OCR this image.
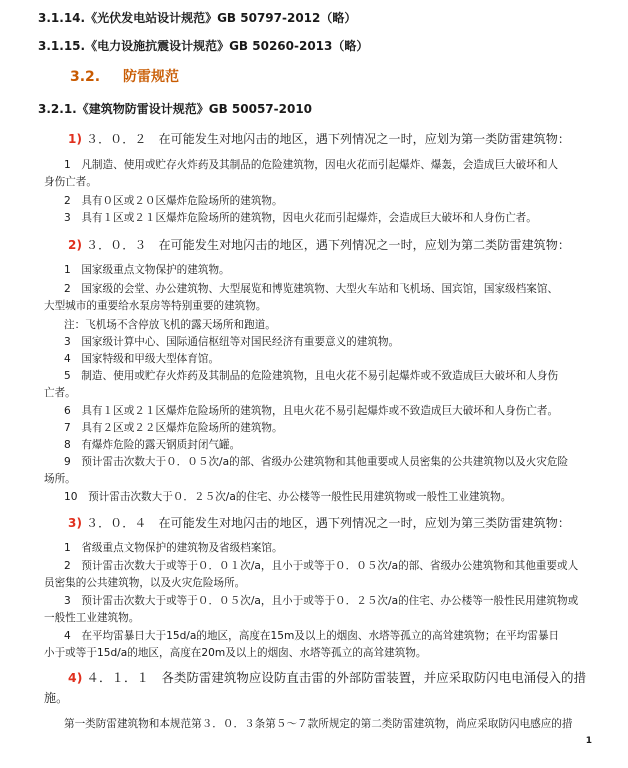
3.1.14.《光伏发电站设计规范》GB 50797-2012（略）
3.1.15.《电力设施抗震设计规范》GB 50260-2013（略）
3.2. 防雷规范
3.2.1.《建筑物防雷设计规范》GB 50057-2010
1) ３．０．２　在可能发生对地闪击的地区，遇下列情况之一时，应划为第一类防雷建筑物：
1　凡制造、使用或贮存火炸药及其制品的危险建筑物，因电火花而引起爆炸、爆轰，会造成巨大破坏和人
身伤亡者。
2　具有０区或２０区爆炸危险场所的建筑物。
3　具有１区或２１区爆炸危险场所的建筑物，因电火花而引起爆炸，会造成巨大破坏和人身伤亡者。
2) ３．０．３　在可能发生对地闪击的地区，遇下列情况之一时，应划为第二类防雷建筑物：
1　国家级重点文物保护的建筑物。
2　国家级的会堂、办公建筑物、大型展览和博览建筑物、大型火车站和飞机场、国宾馆，国家级档案馆、
大型城市的重要给水泵房等特别重要的建筑物。
注：飞机场不含停放飞机的露天场所和跑道。
3　国家级计算中心、国际通信枢纽等对国民经济有重要意义的建筑物。
4　国家特级和甲级大型体育馆。
5　制造、使用或贮存火炸药及其制品的危险建筑物，且电火花不易引起爆炸或不致造成巨大破坏和人身伤
亡者。
6　具有１区或２１区爆炸危险场所的建筑物，且电火花不易引起爆炸或不致造成巨大破坏和人身伤亡者。
7　具有２区或２２区爆炸危险场所的建筑物。
8　有爆炸危险的露天钢质封闭气罐。
9　预计雷击次数大于０．０５次/a的部、省级办公建筑物和其他重要或人员密集的公共建筑物以及火灾危险
场所。
10　预计雷击次数大于０．２５次/a的住宅、办公楼等一般性民用建筑物或一般性工业建筑物。
3) ３．０．４　在可能发生对地闪击的地区，遇下列情况之一时，应划为第三类防雷建筑物：
1　省级重点文物保护的建筑物及省级档案馆。
2　预计雷击次数大于或等于０．０１次/a，且小于或等于０．０５次/a的部、省级办公建筑物和其他重要或人
员密集的公共建筑物，以及火灾危险场所。
3　预计雷击次数大于或等于０．０５次/a，且小于或等于０．２５次/a的住宅、办公楼等一般性民用建筑物或
一般性工业建筑物。
4　在平均雷暴日大于15d/a的地区，高度在15m及以上的烟囱、水塔等孤立的高耸建筑物；在平均雷暴日
小于或等于15d/a的地区，高度在20m及以上的烟囱、水塔等孤立的高耸建筑物。
4) ４．１．１　各类防雷建筑物应设防直击雷的外部防雷装置，并应采取防闪电电涌侵入的措
施。
第一类防雷建筑物和本规范第３．０．３条第５～７款所规定的第二类防雷建筑物，尚应采取防闪电感应的措
1
